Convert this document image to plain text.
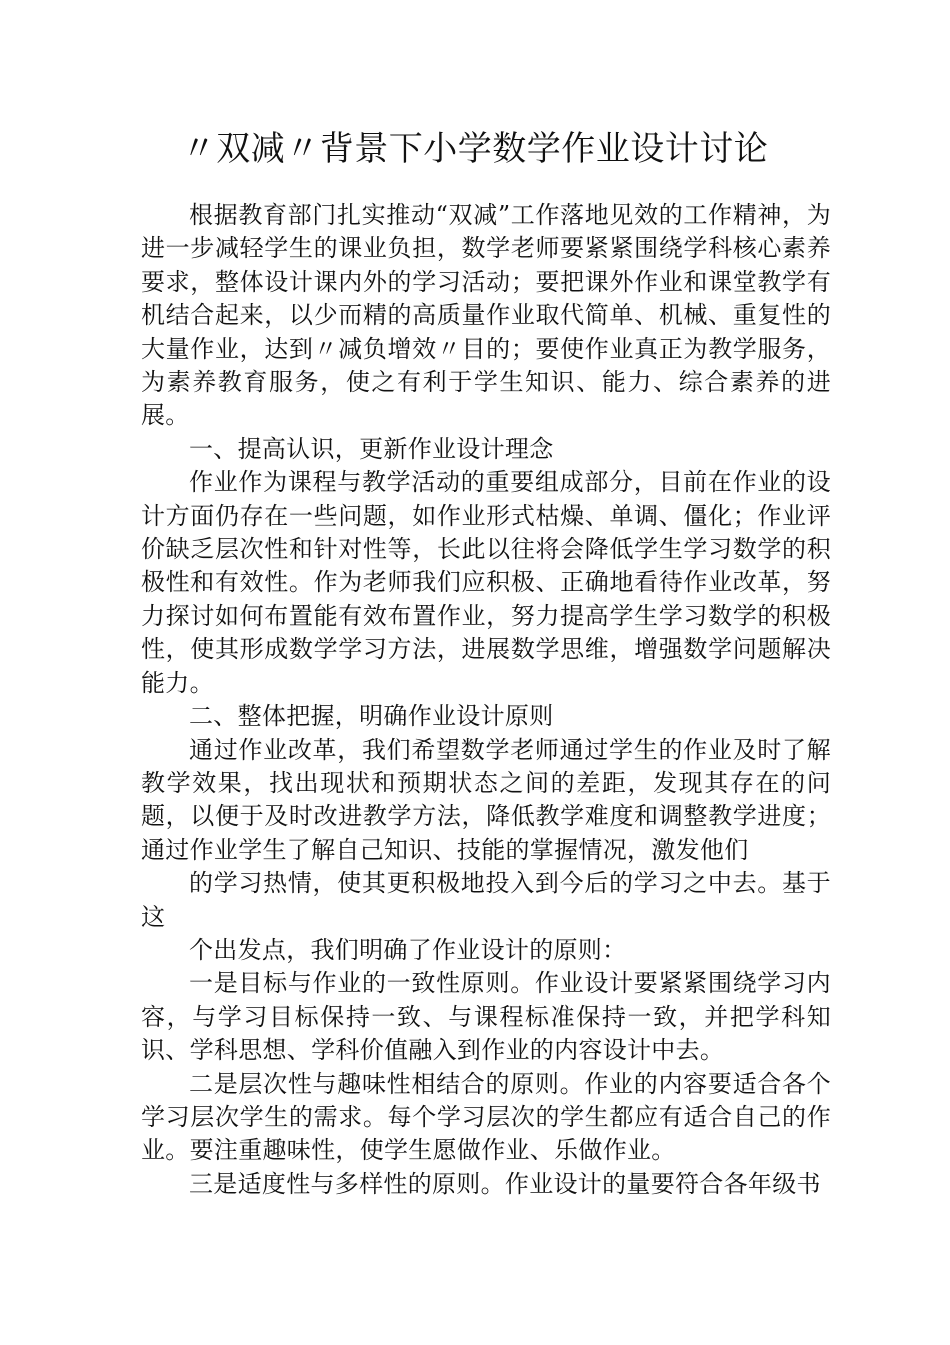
〃双减〃背景下小学数学作业设计讨论

根据教育部门扎实推动“双减”工作落地见效的工作精神，为进一步减轻学生的课业负担，数学老师要紧紧围绕学科核心素养要求，整体设计课内外的学习活动；要把课外作业和课堂教学有机结合起来，以少而精的高质量作业取代简单、机械、重复性的大量作业，达到〃减负增效〃目的；要使作业真正为教学服务，为素养教育服务，使之有利于学生知识、能力、综合素养的进展。

一、提高认识，更新作业设计理念

作业作为课程与教学活动的重要组成部分，目前在作业的设计方面仍存在一些问题，如作业形式枯燥、单调、僵化；作业评价缺乏层次性和针对性等，长此以往将会降低学生学习数学的积极性和有效性。作为老师我们应积极、正确地看待作业改革，努力探讨如何布置能有效布置作业，努力提高学生学习数学的积极性，使其形成数学学习方法，进展数学思维，增强数学问题解决能力。

二、整体把握，明确作业设计原则

通过作业改革，我们希望数学老师通过学生的作业及时了解教学效果，找出现状和预期状态之间的差距，发现其存在的问题，以便于及时改进教学方法，降低教学难度和调整教学进度；通过作业学生了解自己知识、技能的掌握情况，激发他们

的学习热情，使其更积极地投入到今后的学习之中去。基于这

个出发点，我们明确了作业设计的原则：

一是目标与作业的一致性原则。作业设计要紧紧围绕学习内容，与学习目标保持一致、与课程标准保持一致，并把学科知识、学科思想、学科价值融入到作业的内容设计中去。

二是层次性与趣味性相结合的原则。作业的内容要适合各个学习层次学生的需求。每个学习层次的学生都应有适合自己的作业。要注重趣味性，使学生愿做作业、乐做作业。

三是适度性与多样性的原则。作业设计的量要符合各年级书
